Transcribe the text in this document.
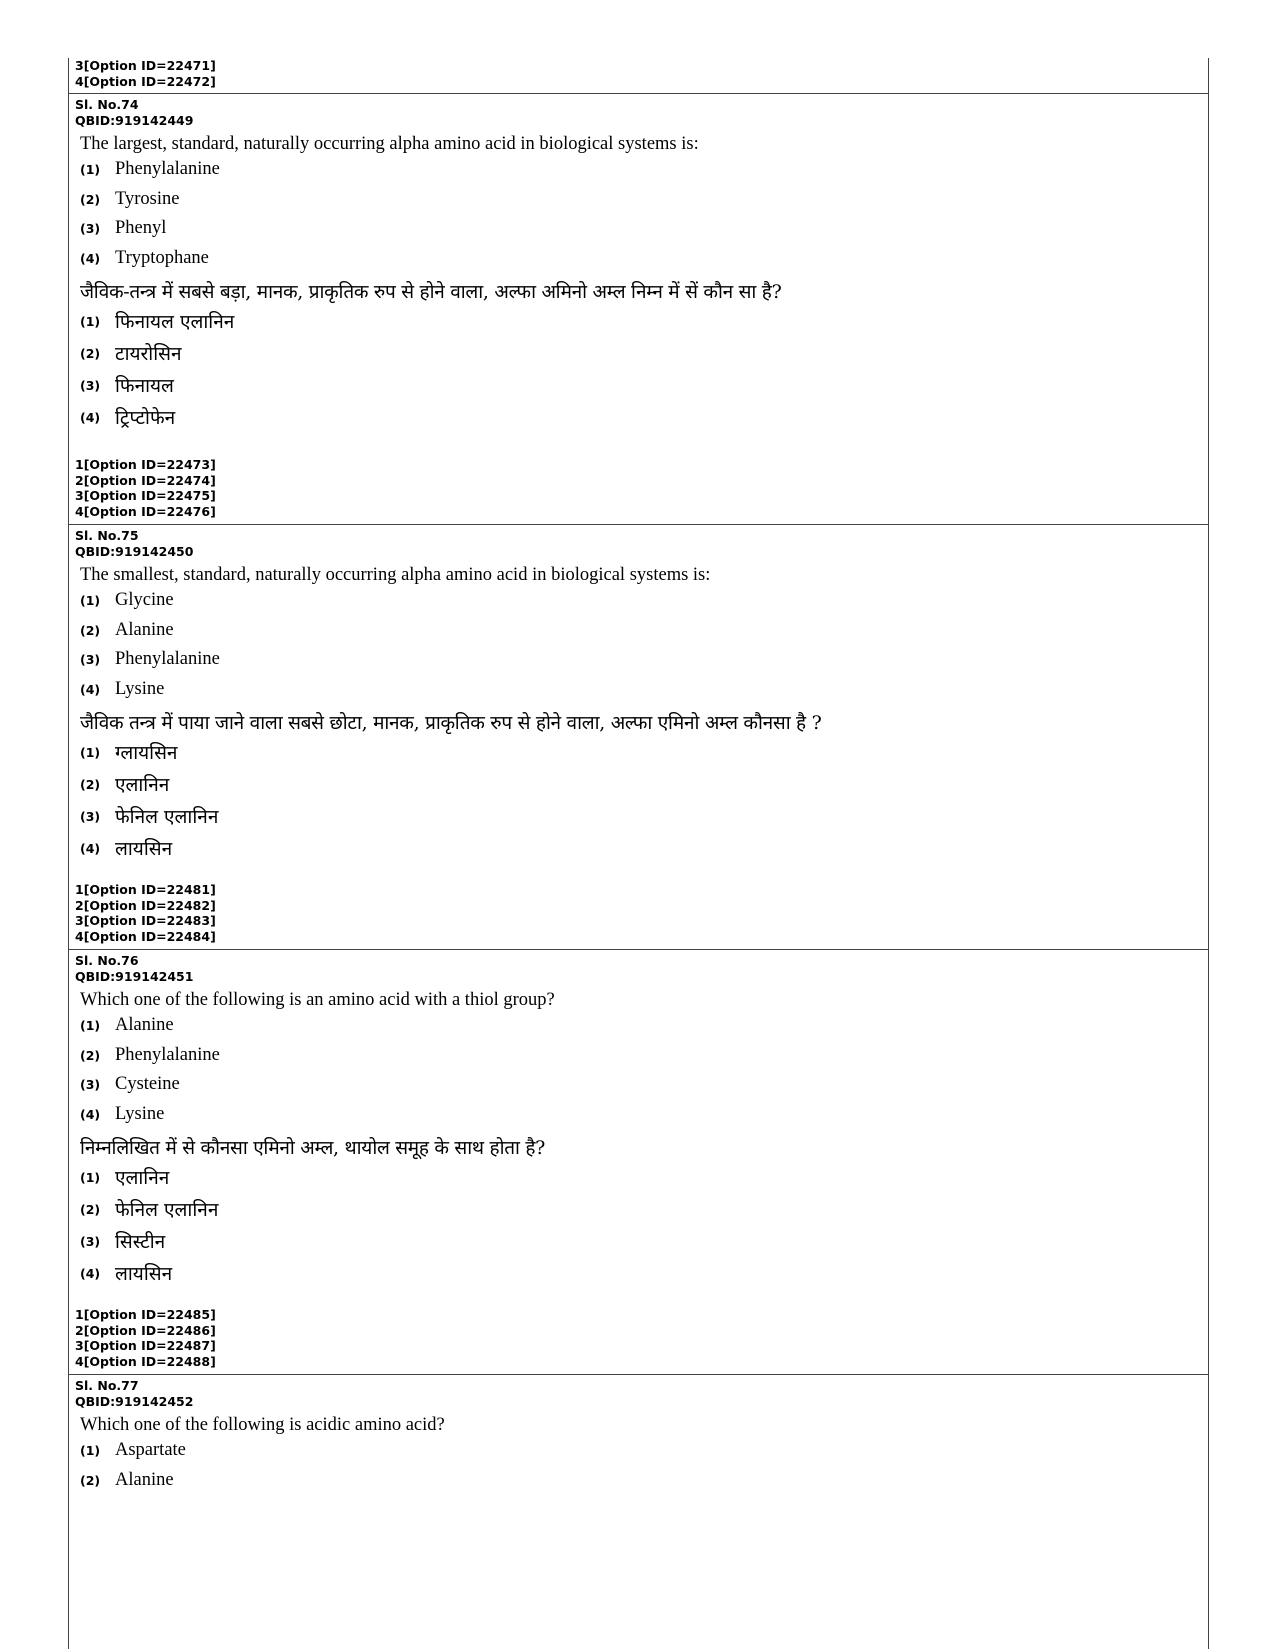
3[Option ID=22471]
4[Option ID=22472]
Sl. No.74
QBID:919142449
The largest, standard, naturally occurring alpha amino acid in biological systems is:
(1) Phenylalanine
(2) Tyrosine
(3) Phenyl
(4) Tryptophane
जैविक-तन्त्र में सबसे बड़ा, मानक, प्राकृतिक रुप से होने वाला, अल्फा अमिनो अम्ल निम्न में सें कौन सा है?
(1) फिनायल एलानिन
(2) टायरोसिन
(3) फिनायल
(4) ट्रिप्टोफेन
1[Option ID=22473]
2[Option ID=22474]
3[Option ID=22475]
4[Option ID=22476]
Sl. No.75
QBID:919142450
The smallest, standard, naturally occurring alpha amino acid in biological systems is:
(1) Glycine
(2) Alanine
(3) Phenylalanine
(4) Lysine
जैविक तन्त्र में पाया जाने वाला सबसे छोटा, मानक, प्राकृतिक रुप से होने वाला, अल्फा एमिनो अम्ल कौनसा है ?
(1) ग्लायसिन
(2) एलानिन
(3) फेनिल एलानिन
(4) लायसिन
1[Option ID=22481]
2[Option ID=22482]
3[Option ID=22483]
4[Option ID=22484]
Sl. No.76
QBID:919142451
Which one of the following is an amino acid with a thiol group?
(1) Alanine
(2) Phenylalanine
(3) Cysteine
(4) Lysine
निम्नलिखित में से कौनसा एमिनो अम्ल, थायोल समूह के साथ होता है?
(1) एलानिन
(2) फेनिल एलानिन
(3) सिस्टीन
(4) लायसिन
1[Option ID=22485]
2[Option ID=22486]
3[Option ID=22487]
4[Option ID=22488]
Sl. No.77
QBID:919142452
Which one of the following is acidic amino acid?
(1) Aspartate
(2) Alanine
